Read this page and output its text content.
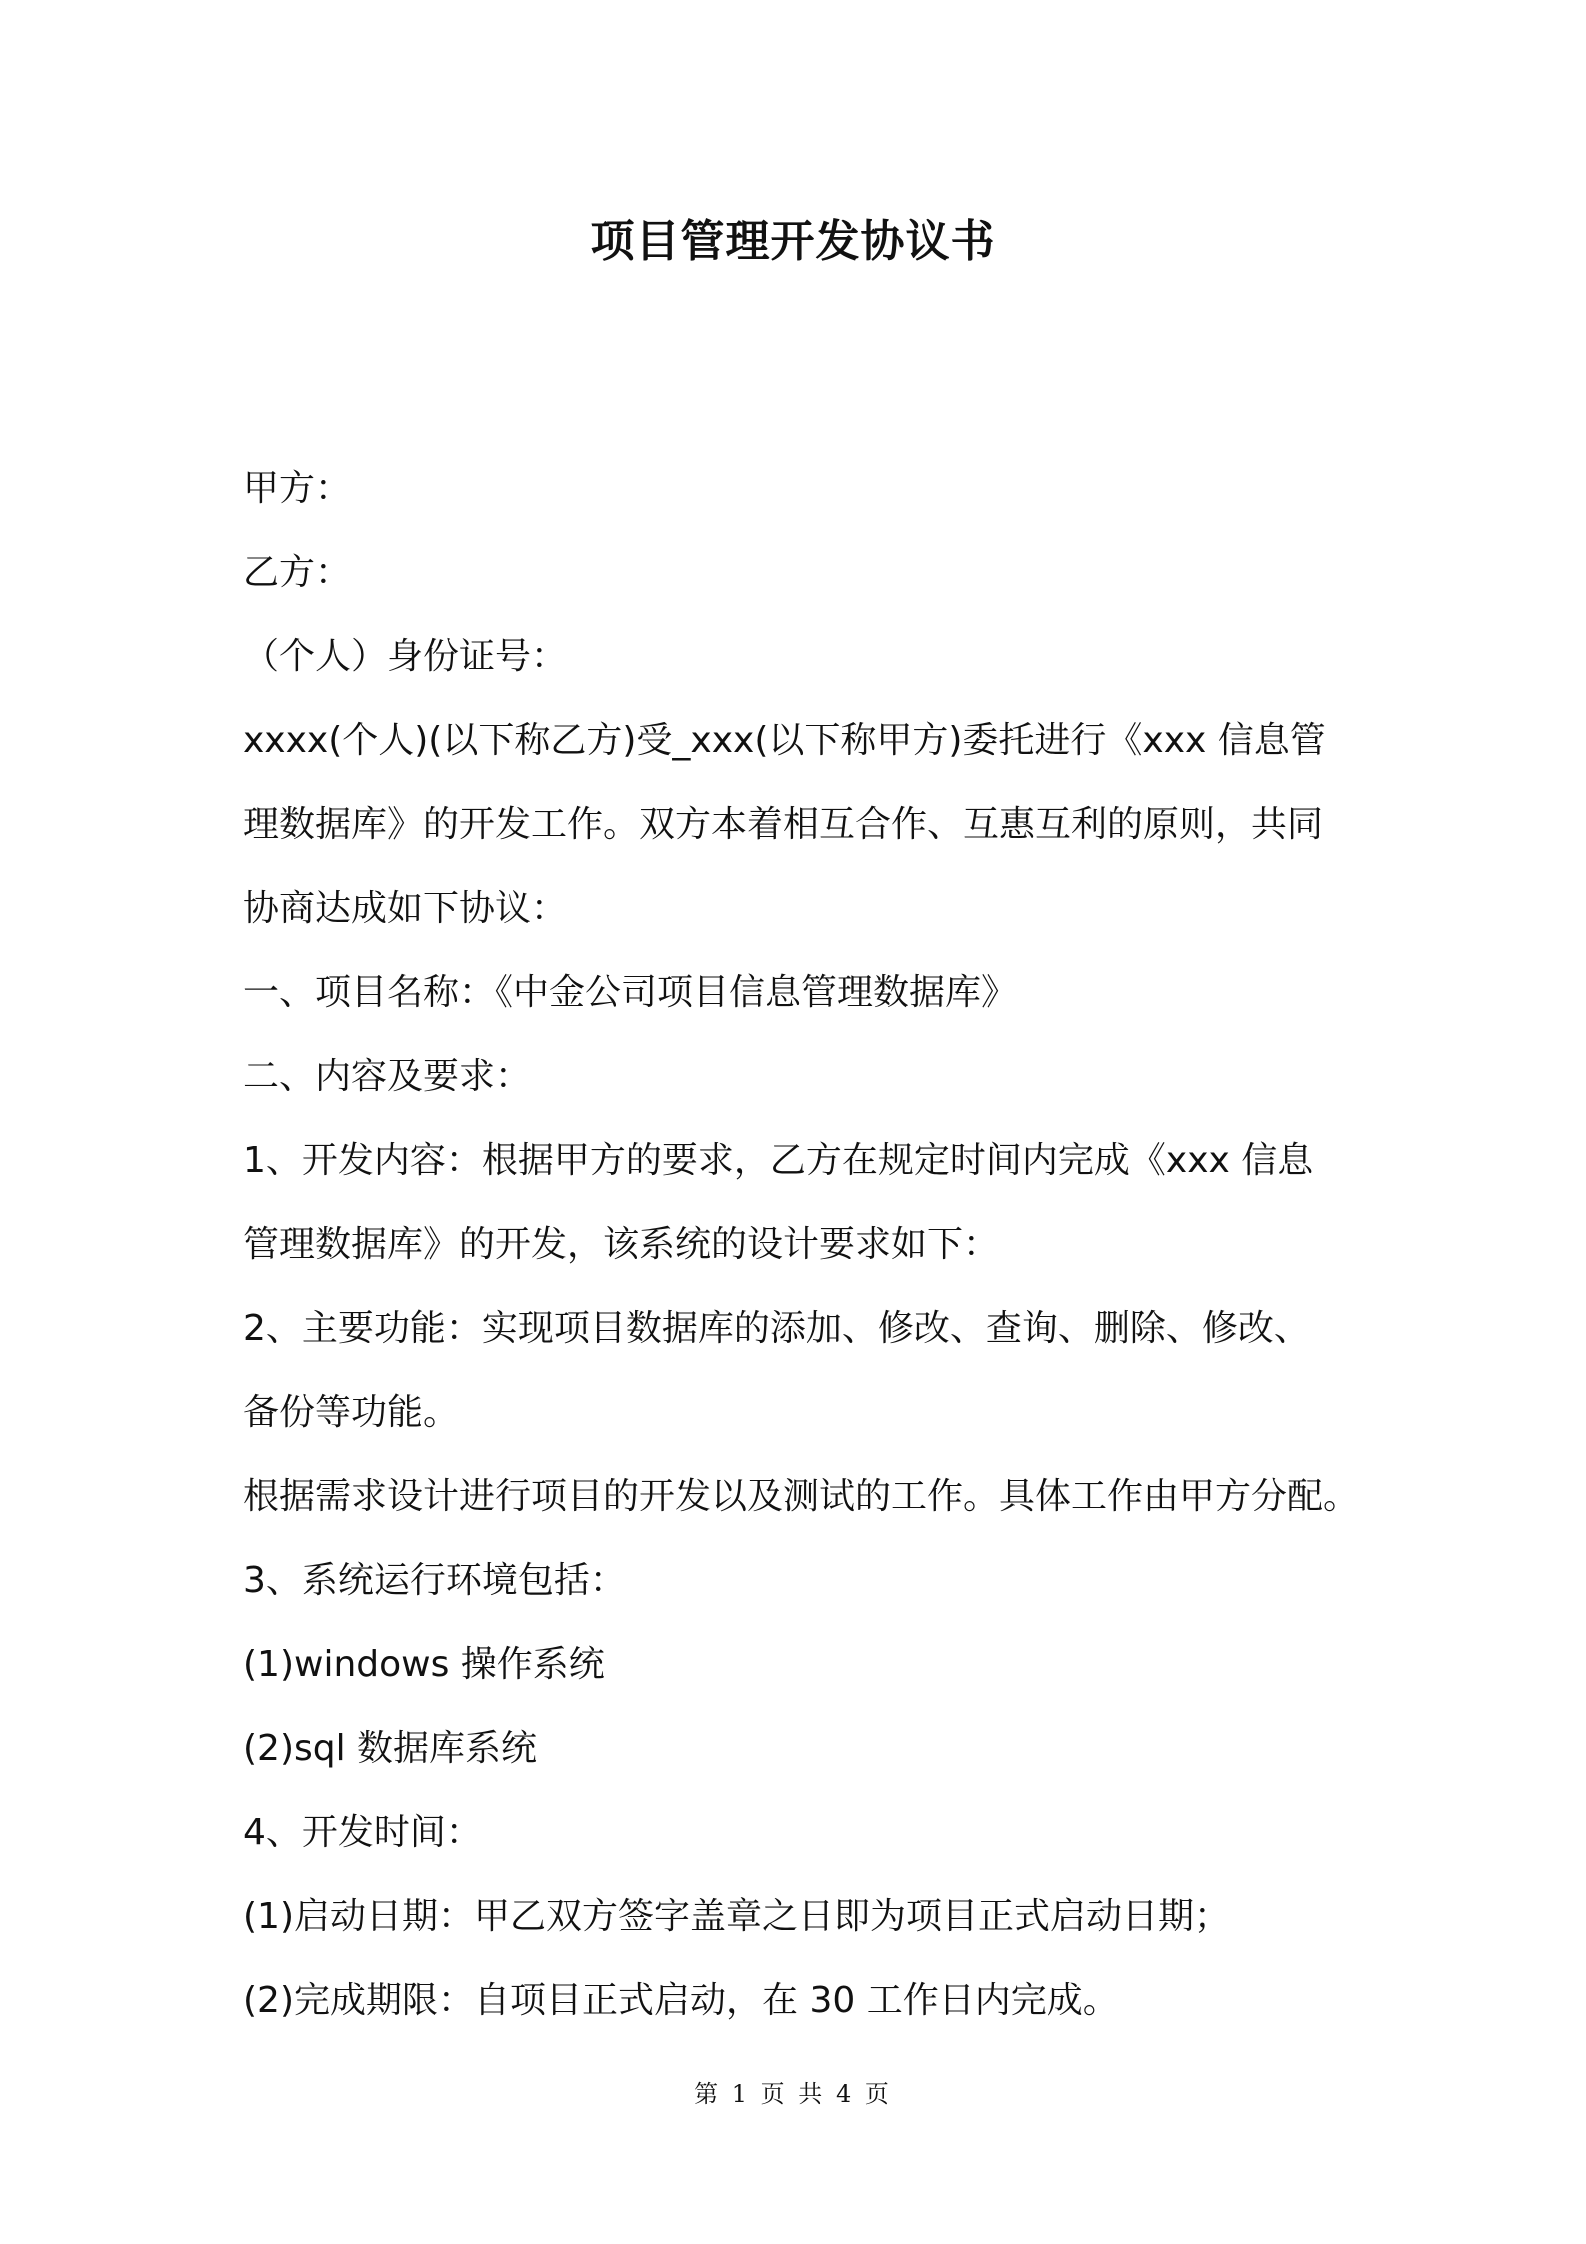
项目管理开发协议书
甲方：
乙方：
（个人）身份证号：
xxxx(个人)(以下称乙方)受_xxx(以下称甲方)委托进行《xxx 信息管
理数据库》的开发工作。双方本着相互合作、互惠互利的原则，共同
协商达成如下协议：
一、项目名称：《中金公司项目信息管理数据库》
二、内容及要求：
1、开发内容：根据甲方的要求，乙方在规定时间内完成《xxx 信息
管理数据库》的开发，该系统的设计要求如下：
2、主要功能：实现项目数据库的添加、修改、查询、删除、修改、
备份等功能。
根据需求设计进行项目的开发以及测试的工作。具体工作由甲方分配。
3、系统运行环境包括：
(1)windows 操作系统
(2)sql 数据库系统
4、开发时间：
(1)启动日期：甲乙双方签字盖章之日即为项目正式启动日期；
(2)完成期限：自项目正式启动，在 30 工作日内完成。
第 1 页 共 4 页
